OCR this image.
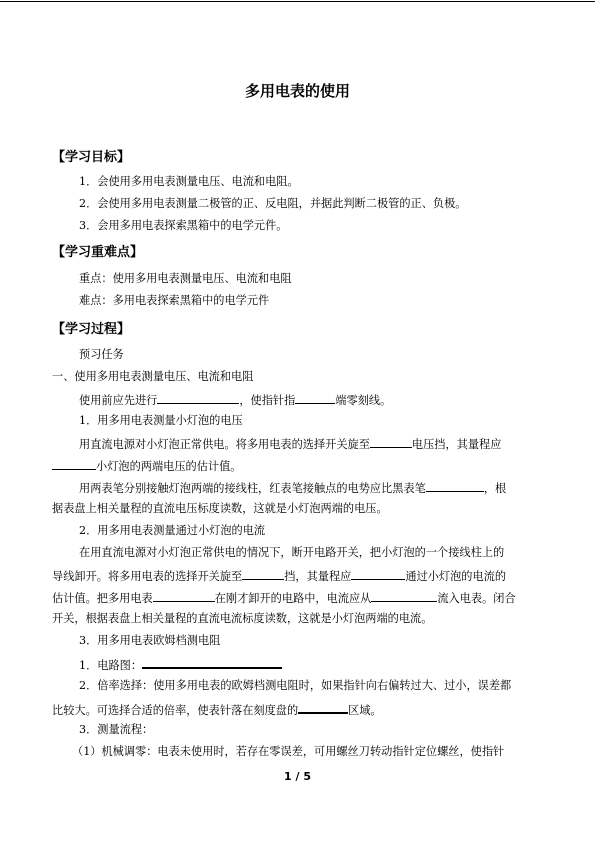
多用电表的使用
【学习目标】
1．会使用多用电表测量电压、电流和电阻。
2．会使用多用电表测量二极管的正、反电阻，并据此判断二极管的正、负极。
3．会用多用电表探索黑箱中的电学元件。
【学习重难点】
重点：使用多用电表测量电压、电流和电阻
难点：多用电表探索黑箱中的电学元件
【学习过程】
预习任务
一、使用多用电表测量电压、电流和电阻
使用前应先进行	，使指针指	端零刻线。
1．用多用电表测量小灯泡的电压
用直流电源对小灯泡正常供电。将多用电表的选择开关旋至	电压挡，其量程应
小灯泡的两端电压的估计值。
用两表笔分别接触灯泡两端的接线柱，红表笔接触点的电势应比黑表笔	，根
据表盘上相关量程的直流电压标度读数，这就是小灯泡两端的电压。
2．用多用电表测量通过小灯泡的电流
在用直流电源对小灯泡正常供电的情况下，断开电路开关，把小灯泡的一个接线柱上的
导线卸开。将多用电表的选择开关旋至	挡，其量程应	通过小灯泡的电流的
估计值。把多用电表	在刚才卸开的电路中，电流应从	流入电表。闭合
开关，根据表盘上相关量程的直流电流标度读数，这就是小灯泡两端的电流。
3．用多用电表欧姆档测电阻
1．电路图：
2．倍率选择：使用多用电表的欧姆档测电阻时，如果指针向右偏转过大、过小，误差都
比较大。可选择合适的倍率，使表针落在刻度盘的	区域。
3．测量流程：
（1）机械调零：电表未使用时，若存在零误差，可用螺丝刀转动指针定位螺丝，使指针
1 / 5
